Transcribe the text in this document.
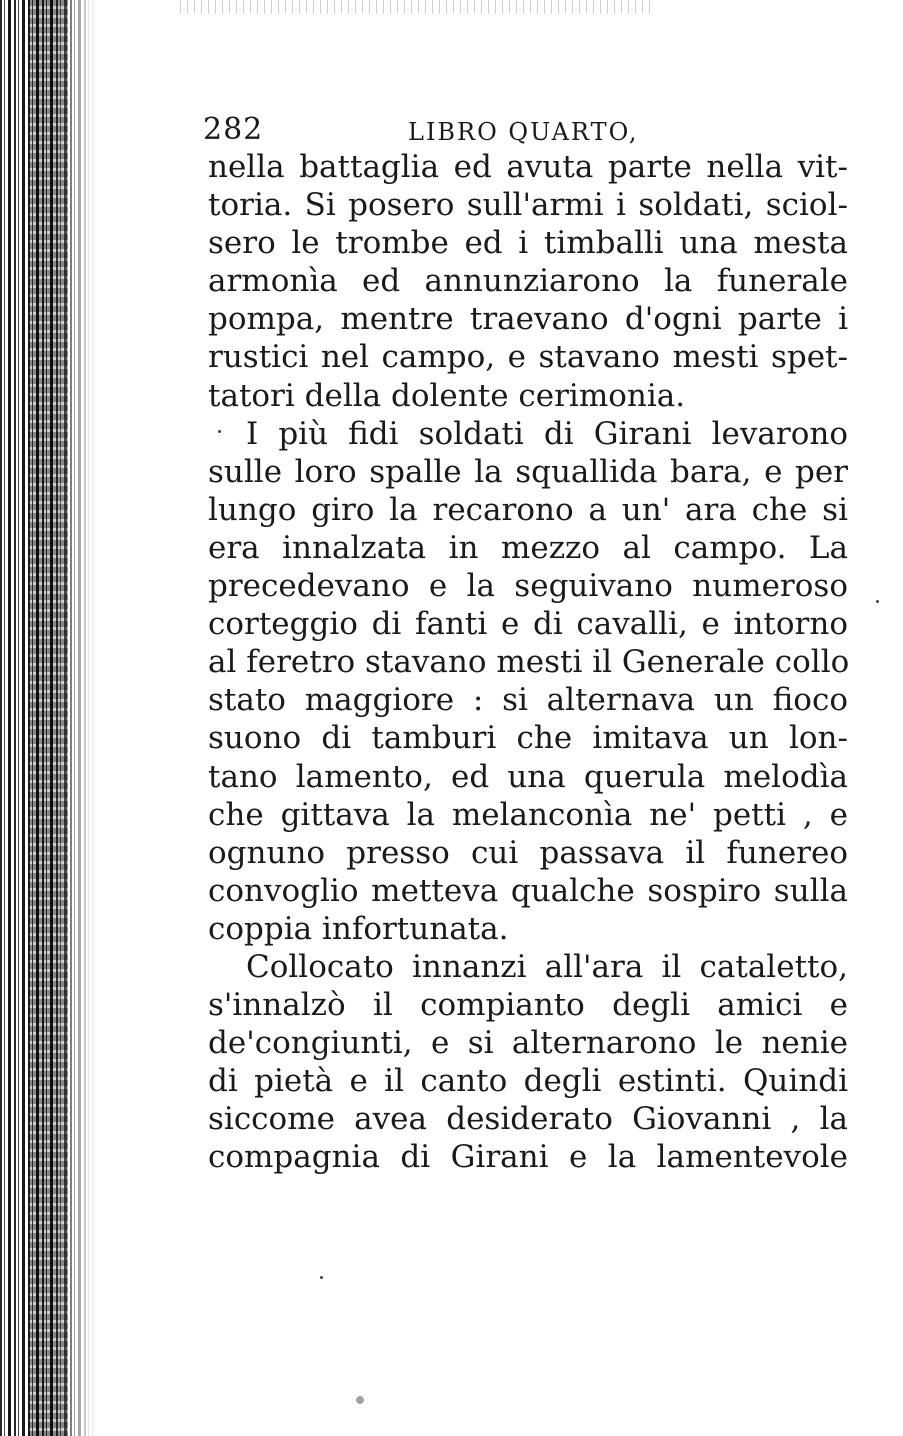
282	LIBRO QUARTO,
nella battaglia ed avuta parte nella vit-
toria. Si posero sull'armi i soldati, sciol-
sero le trombe ed i timballi una mesta
armonìa ed annunziarono la funerale
pompa, mentre traevano d'ogni parte i
rustici nel campo, e stavano mesti spet-
tatori della dolente cerimonia.
I più fidi soldati di Girani levarono
sulle loro spalle la squallida bara, e per
lungo giro la recarono a un' ara che si
era innalzata in mezzo al campo. La
precedevano e la seguivano numeroso
corteggio di fanti e di cavalli, e intorno
al feretro stavano mesti il Generale collo
stato maggiore : si alternava un fioco
suono di tamburi che imitava un lon-
tano lamento, ed una querula melodìa
che gittava la melanconìa ne' petti , e
ognuno presso cui passava il funereo
convoglio metteva qualche sospiro sulla
coppia infortunata.
Collocato innanzi all'ara il cataletto,
s'innalzò il compianto degli amici e
de'congiunti, e si alternarono le nenie
di pietà e il canto degli estinti. Quindi
siccome avea desiderato Giovanni , la
compagnia di Girani e la lamentevole
